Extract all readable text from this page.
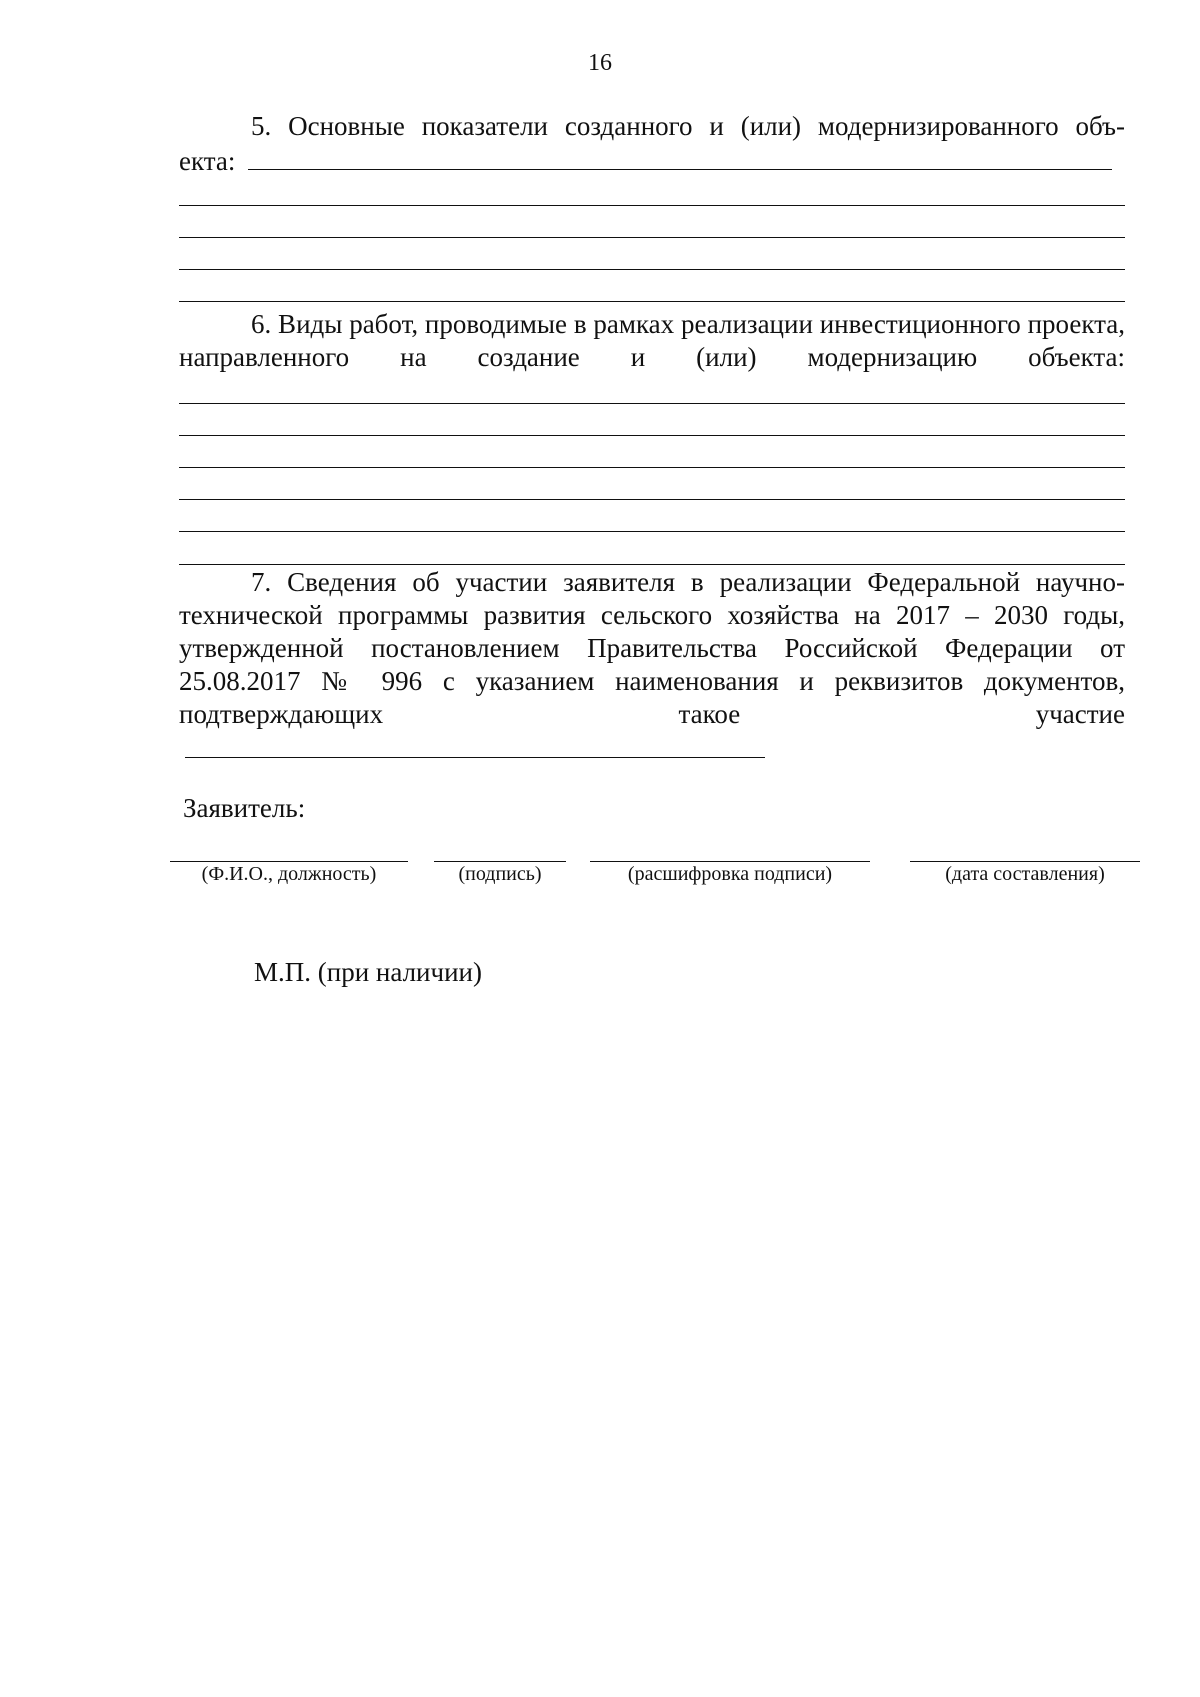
16

5. Основные показатели созданного и (или) модернизированного объ-

екта:

6. Виды работ, проводимые в рамках реализации инвестиционного проекта, направленного на создание и (или) модернизацию объекта:

7. Сведения об участии заявителя в реализации Федеральной научно-технической программы развития сельского хозяйства на 2017 – 2030 годы, утвержденной постановлением Правительства Российской Федерации от 25.08.2017 № 996 с указанием наименования и реквизитов документов, подтверждающих такое участие

Заявитель:
(Ф.И.О., должность)	(подпись)	(расшифровка подписи)	(дата составления)
М.П. (при наличии)
